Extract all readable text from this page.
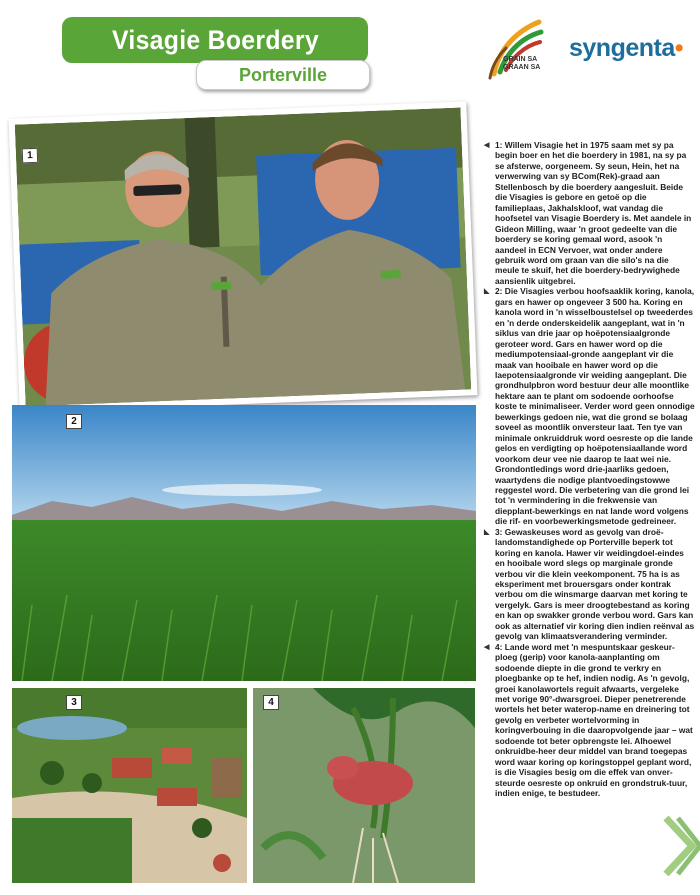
Visagie Boerdery
Porterville
GRAIN SA
GRAAN SA
syngenta•
1
2
3	4

◀ 1: Willem Visagie het in 1975 saam met sy pa begin boer en het die boerdery in 1981, na sy pa se afsterwe, oorgeneem. Sy seun, Hein, het na verwerwing van sy BCom(Rek)-graad aan Stellenbosch by die boerdery aangesluit. Beide die Visagies is gebore en getoë op die familieplaas, Jakhalskloof, wat vandag die hoofsetel van Visagie Boerdery is. Met aandele in Gideon Milling, waar 'n groot gedeelte van die boerdery se koring gemaal word, asook 'n aandeel in ECN Vervoer, wat onder andere gebruik word om graan van die silo's na die meule te skuif, het die boerdery-bedrywighede aansienlik uitgebrei.

◣ 2: Die Visagies verbou hoofsaaklik koring, kanola, gars en hawer op ongeveer 3 500 ha. Koring en kanola word in 'n wisselboustelsel op tweederdes en 'n derde onderskeidelik aangeplant, wat in 'n siklus van drie jaar op hoëpotensiaalgronde geroteer word. Gars en hawer word op die mediumpotensiaal-gronde aangeplant vir die maak van hooibale en hawer word op die laepotensiaalgronde vir weiding aangeplant. Die grondhulpbron word bestuur deur alle moontlike hektare aan te plant om sodoende oorhoofse koste te minimaliseer. Verder word geen onnodige bewerkings gedoen nie, wat die grond se bolaag soveel as moontlik onversteur laat. Ten tye van minimale onkruiddruk word oesreste op die lande gelos en verdigting op hoëpotensiaallande word voorkom deur vee nie daarop te laat wei nie. Grondontledings word drie-jaarliks gedoen, waartydens die nodige plantvoedingstowwe reggestel word. Die verbetering van die grond lei tot 'n vermindering in die frekwensie van diepplant-bewerkings en nat lande word volgens die rif- en voorbewerkingsmetode gedreineer.

◣ 3: Gewaskeuses word as gevolg van droë-landomstandighede op Porterville beperk tot koring en kanola. Hawer vir weidingdoel-eindes en hooibale word slegs op marginale gronde verbou vir die klein veekomponent. 75 ha is as eksperiment met brouersgars onder kontrak verbou om die winsmarge daarvan met koring te vergelyk. Gars is meer droogtebestand as koring en kan op swakker gronde verbou word. Gars kan ook as alternatief vir koring dien indien reënval as gevolg van klimaatsverandering verminder.

◀ 4: Lande word met 'n mespuntskaar geskeur-ploeg (gerip) voor kanola-aanplanting om sodoende diepte in die grond te verkry en ploegbanke op te hef, indien nodig. As 'n gevolg, groei kanolawortels reguit afwaarts, vergeleke met vorige 90°-dwarsgroei. Dieper penetrerende wortels het beter waterop-name en dreinering tot gevolg en verbeter wortelvorming in koringverbouing in die daaropvolgende jaar – wat sodoende tot beter opbrengste lei. Alhoewel onkruidbe-heer deur middel van brand toegepas word waar koring op koringstoppel geplant word, is die Visagies besig om die effek van onver-steurde oesreste op onkruid en grondstruk-tuur, indien enige, te bestudeer.
